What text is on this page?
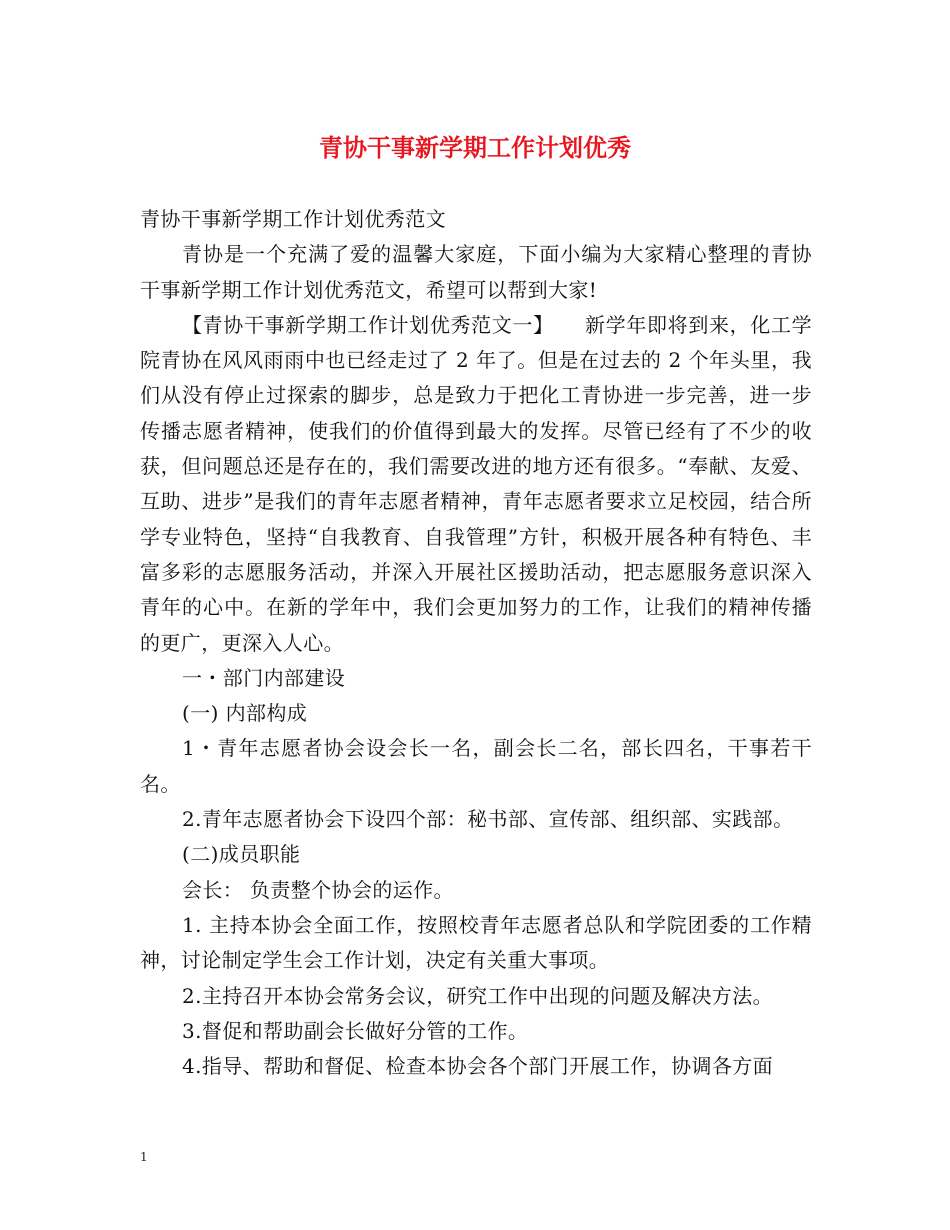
青协干事新学期工作计划优秀

青协干事新学期工作计划优秀范文

青协是一个充满了爱的温馨大家庭，下面小编为大家精心整理的青协干事新学期工作计划优秀范文，希望可以帮到大家!

【青协干事新学期工作计划优秀范文一】　　新学年即将到来，化工学院青协在风风雨雨中也已经走过了 2 年了。但是在过去的 2 个年头里，我们从没有停止过探索的脚步，总是致力于把化工青协进一步完善，进一步传播志愿者精神，使我们的价值得到最大的发挥。尽管已经有了不少的收获，但问题总还是存在的，我们需要改进的地方还有很多。“奉献、友爱、互助、进步”是我们的青年志愿者精神，青年志愿者要求立足校园，结合所学专业特色，坚持“自我教育、自我管理”方针，积极开展各种有特色、丰富多彩的志愿服务活动，并深入开展社区援助活动，把志愿服务意识深入青年的心中。在新的学年中，我们会更加努力的工作，让我们的精神传播的更广，更深入人心。

一・部门内部建设

(一) 内部构成

1・青年志愿者协会设会长一名，副会长二名，部长四名，干事若干名。

2.青年志愿者协会下设四个部：秘书部、宣传部、组织部、实践部。

(二)成员职能

会长： 负责整个协会的运作。

1. 主持本协会全面工作，按照校青年志愿者总队和学院团委的工作精神，讨论制定学生会工作计划，决定有关重大事项。

2.主持召开本协会常务会议，研究工作中出现的问题及解决方法。

3.督促和帮助副会长做好分管的工作。

4.指导、帮助和督促、检查本协会各个部门开展工作，协调各方面

1
